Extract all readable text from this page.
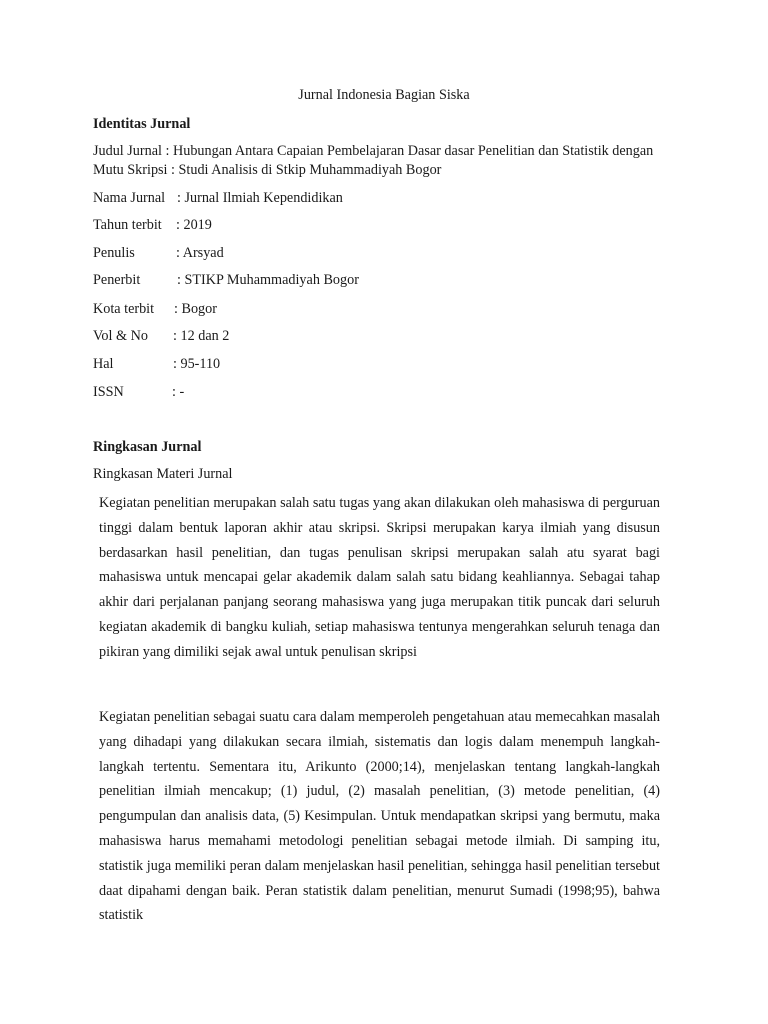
Jurnal Indonesia Bagian Siska
Identitas Jurnal

Judul Jurnal : Hubungan Antara Capaian Pembelajaran Dasar dasar Penelitian dan Statistik dengan Mutu Skripsi : Studi Analisis di Stkip Muhammadiyah Bogor

Nama Jurnal : Jurnal Ilmiah Kependidikan
Tahun terbit : 2019
Penulis	: Arsyad
Penerbit	: STIKP Muhammadiyah Bogor
Kota terbit : Bogor
Vol & No : 12 dan 2
Hal	: 95-110
ISSN	: -
Ringkasan Jurnal

Ringkasan Materi Jurnal

Kegiatan penelitian merupakan salah satu tugas yang akan dilakukan oleh mahasiswa di perguruan tinggi dalam bentuk laporan akhir atau skripsi. Skripsi merupakan karya ilmiah yang disusun berdasarkan hasil penelitian, dan tugas penulisan skripsi merupakan salah atu syarat bagi mahasiswa untuk mencapai gelar akademik dalam salah satu bidang keahliannya. Sebagai tahap akhir dari perjalanan panjang seorang mahasiswa yang juga merupakan titik puncak dari seluruh kegiatan akademik di bangku kuliah, setiap mahasiswa tentunya mengerahkan seluruh tenaga dan pikiran yang dimiliki sejak awal untuk penulisan skripsi

Kegiatan penelitian sebagai suatu cara dalam memperoleh pengetahuan atau memecahkan masalah yang dihadapi yang dilakukan secara ilmiah, sistematis dan logis dalam menempuh langkah-langkah tertentu. Sementara itu, Arikunto (2000;14), menjelaskan tentang langkah-langkah penelitian ilmiah mencakup; (1) judul, (2) masalah penelitian, (3) metode penelitian, (4) pengumpulan dan analisis data, (5) Kesimpulan. Untuk mendapatkan skripsi yang bermutu, maka mahasiswa harus memahami metodologi penelitian sebagai metode ilmiah. Di samping itu, statistik juga memiliki peran dalam menjelaskan hasil penelitian, sehingga hasil penelitian tersebut daat dipahami dengan baik. Peran statistik dalam penelitian, menurut Sumadi (1998;95), bahwa statistik
